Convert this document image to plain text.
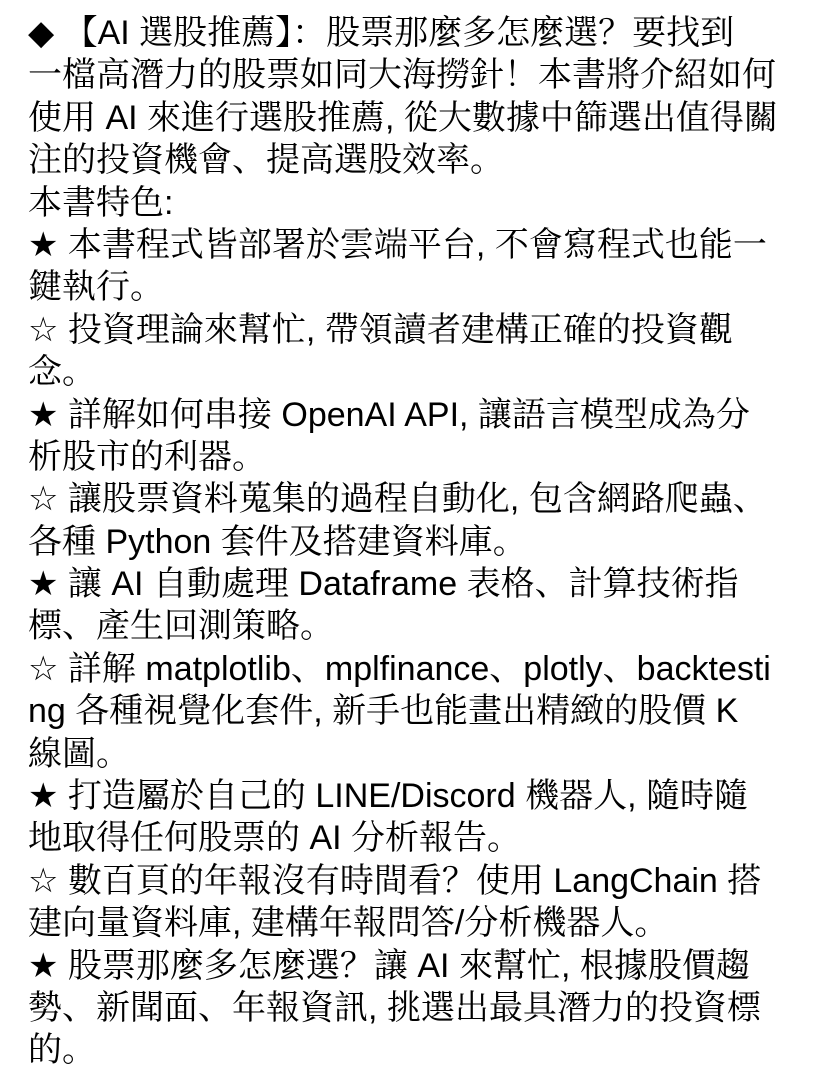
◆ 【AI 選股推薦】：股票那麼多怎麼選？要找到
一檔高潛力的股票如同大海撈針！本書將介紹如何
使用 AI 來進行選股推薦, 從大數據中篩選出值得關
注的投資機會、提高選股效率。
本書特色:
★ 本書程式皆部署於雲端平台, 不會寫程式也能一
鍵執行。
☆ 投資理論來幫忙, 帶領讀者建構正確的投資觀
念。
★ 詳解如何串接 OpenAI API, 讓語言模型成為分
析股市的利器。
☆ 讓股票資料蒐集的過程自動化, 包含網路爬蟲、
各種 Python 套件及搭建資料庫。
★ 讓 AI 自動處理 Dataframe 表格、計算技術指
標、產生回測策略。
☆ 詳解 matplotlib、mplfinance、plotly、backtesti
ng 各種視覺化套件, 新手也能畫出精緻的股價 K
線圖。
★ 打造屬於自己的 LINE/Discord 機器人, 隨時隨
地取得任何股票的 AI 分析報告。
☆ 數百頁的年報沒有時間看？使用 LangChain 搭
建向量資料庫, 建構年報問答/分析機器人。
★ 股票那麼多怎麼選？讓 AI 來幫忙, 根據股價趨
勢、新聞面、年報資訊, 挑選出最具潛力的投資標
的。
